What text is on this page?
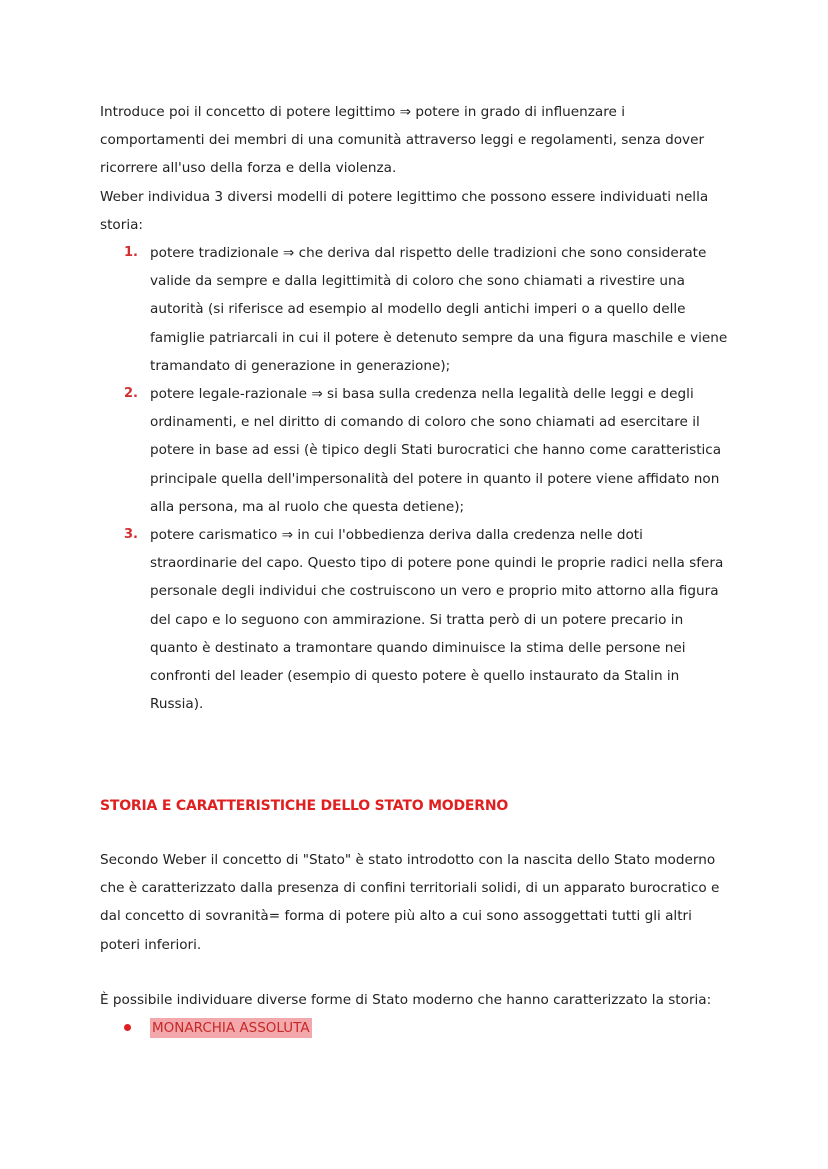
Introduce poi il concetto di potere legittimo ⇒ potere in grado di influenzare i comportamenti dei membri di una comunità attraverso leggi e regolamenti, senza dover ricorrere all'uso della forza e della violenza.

Weber individua 3 diversi modelli di potere legittimo che possono essere individuati nella storia:

1. potere tradizionale ⇒ che deriva dal rispetto delle tradizioni che sono considerate valide da sempre e dalla legittimità di coloro che sono chiamati a rivestire una autorità (si riferisce ad esempio al modello degli antichi imperi o a quello delle famiglie patriarcali in cui il potere è detenuto sempre da una figura maschile e viene tramandato di generazione in generazione);
2. potere legale-razionale ⇒ si basa sulla credenza nella legalità delle leggi e degli ordinamenti, e nel diritto di comando di coloro che sono chiamati ad esercitare il potere in base ad essi (è tipico degli Stati burocratici che hanno come caratteristica principale quella dell'impersonalità del potere in quanto il potere viene affidato non alla persona, ma al ruolo che questa detiene);
3. potere carismatico ⇒ in cui l'obbedienza deriva dalla credenza nelle doti straordinarie del capo. Questo tipo di potere pone quindi le proprie radici nella sfera personale degli individui che costruiscono un vero e proprio mito attorno alla figura del capo e lo seguono con ammirazione. Si tratta però di un potere precario in quanto è destinato a tramontare quando diminuisce la stima delle persone nei confronti del leader (esempio di questo potere è quello instaurato da Stalin in Russia).
STORIA E CARATTERISTICHE DELLO STATO MODERNO

Secondo Weber il concetto di "Stato" è stato introdotto con la nascita dello Stato moderno che è caratterizzato dalla presenza di confini territoriali solidi, di un apparato burocratico e dal concetto di sovranità= forma di potere più alto a cui sono assoggettati tutti gli altri poteri inferiori.

È possibile individuare diverse forme di Stato moderno che hanno caratterizzato la storia:

MONARCHIA ASSOLUTA
